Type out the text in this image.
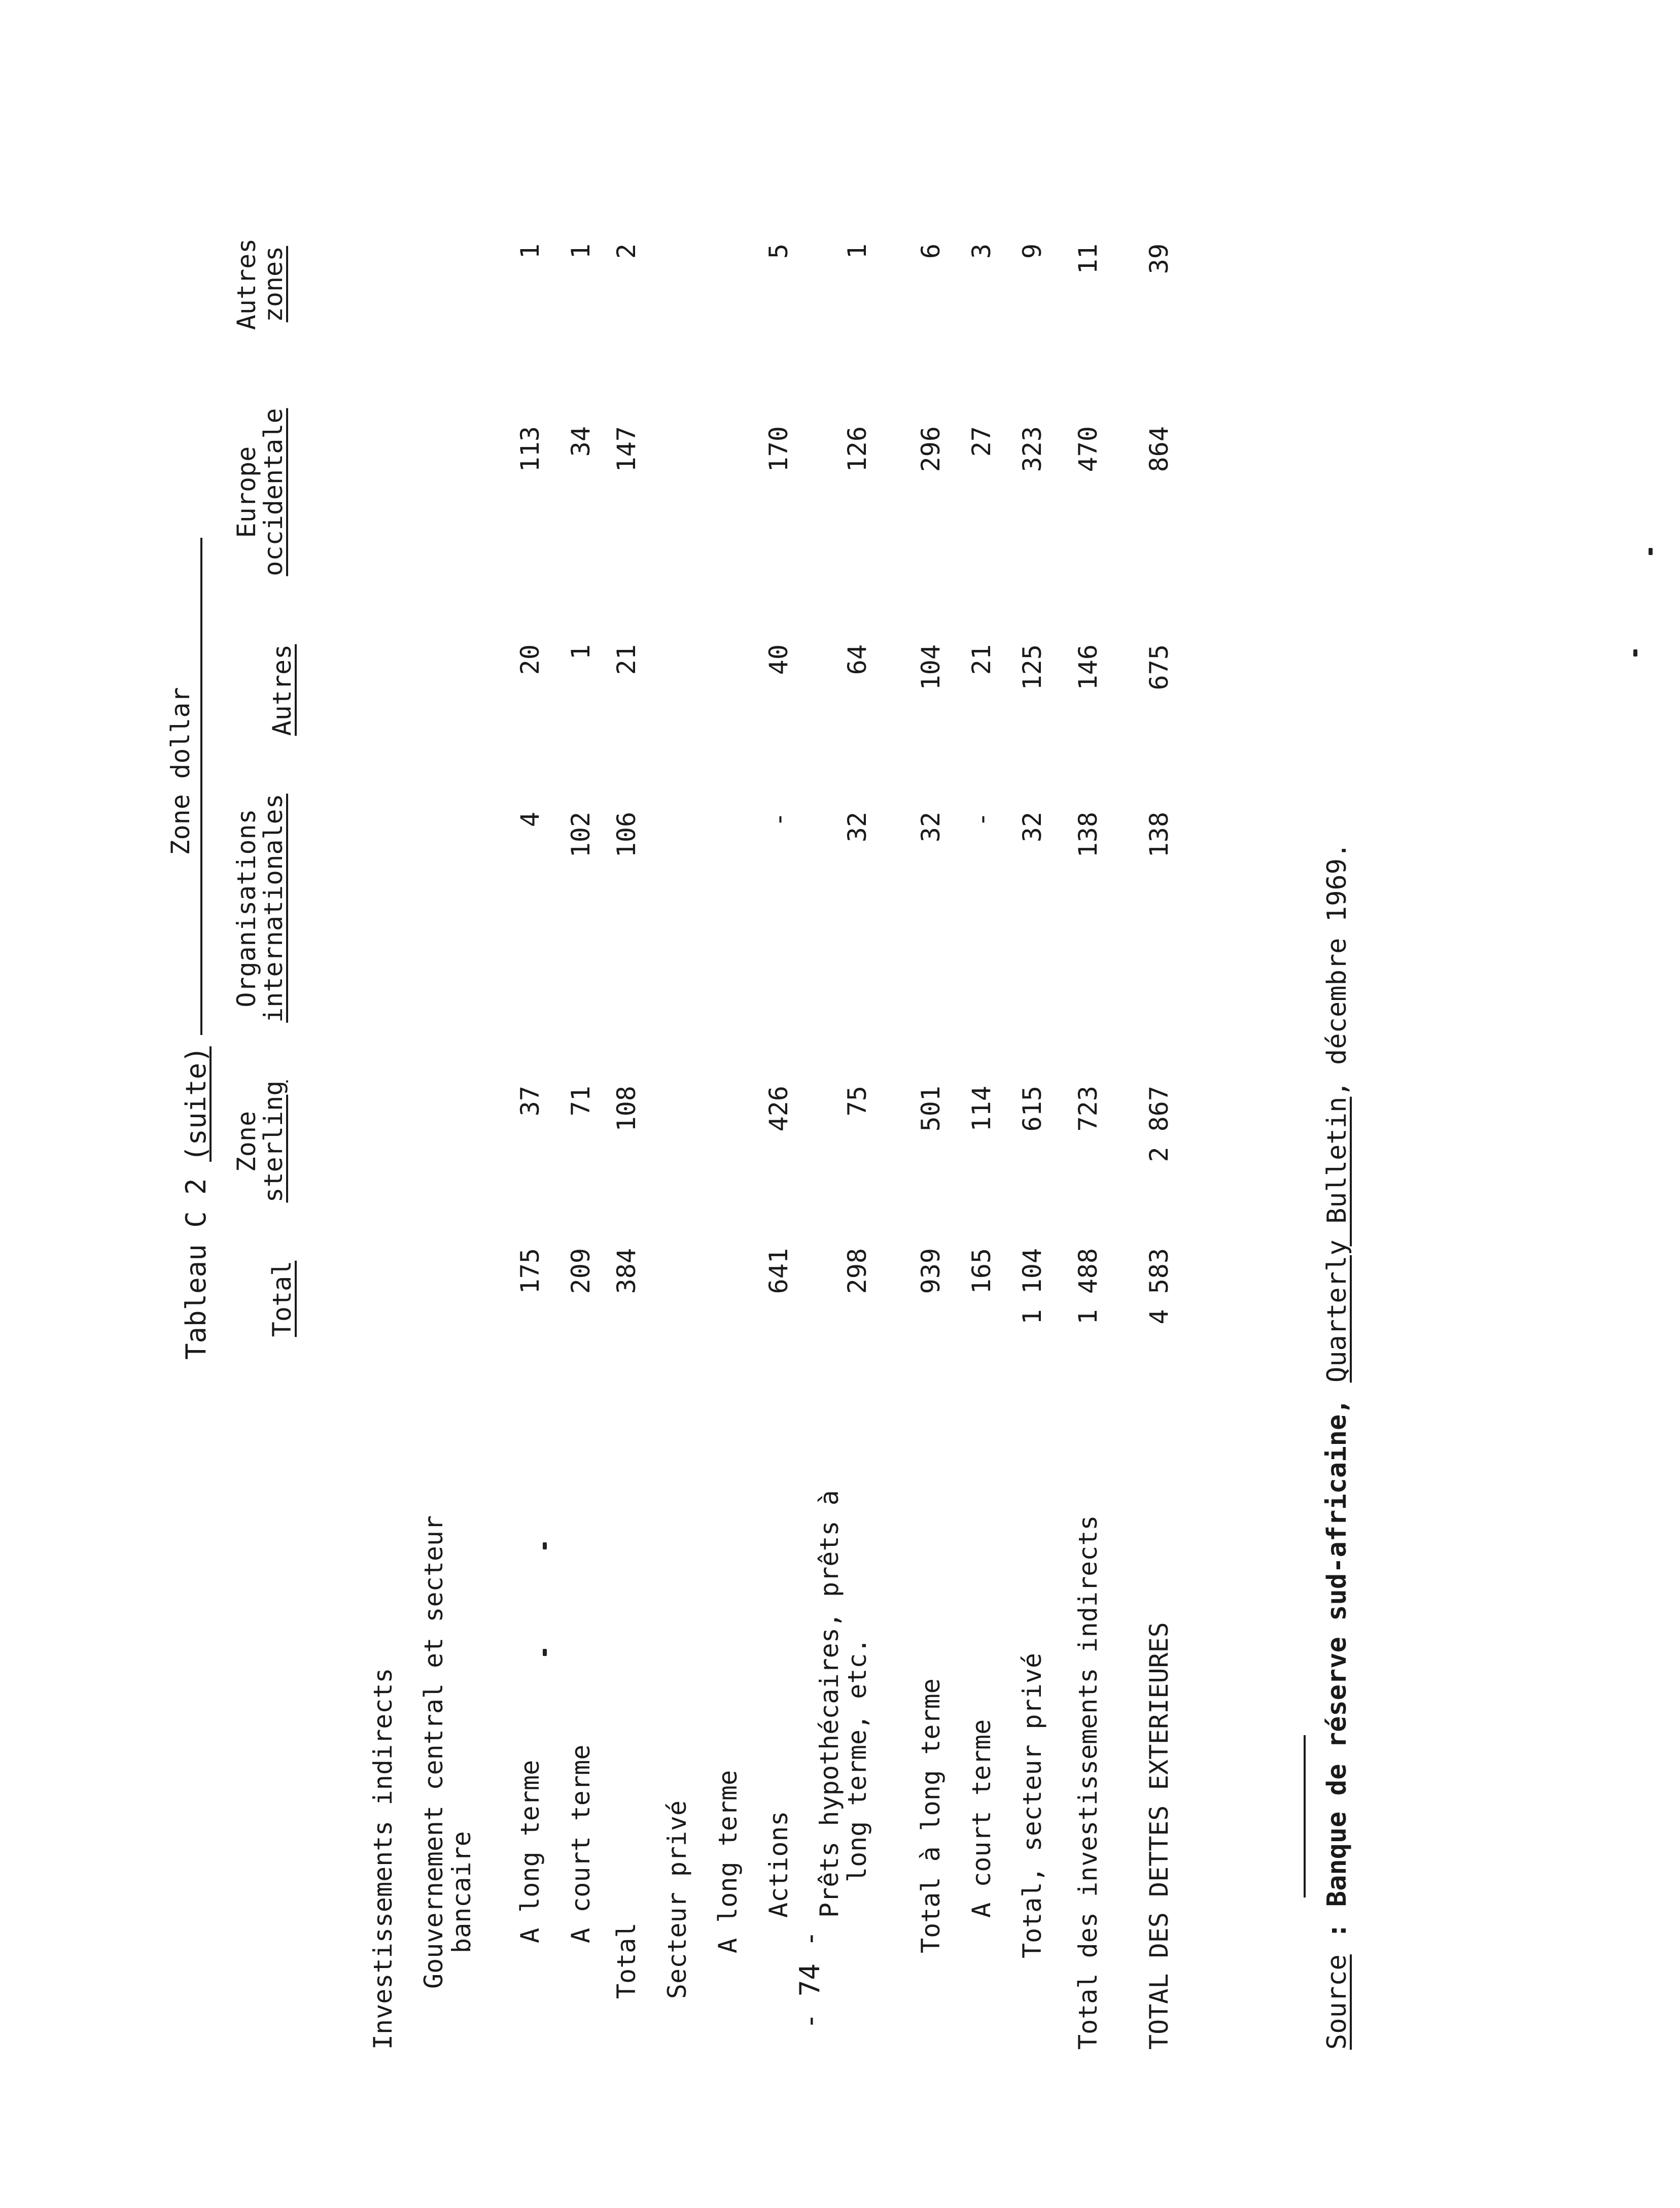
Tableau C 2 (suite)
Total
Zone
sterling
Zone dollar
Organisations
internationales
Autres
Europe
occidentale
Autres
zones
Investissements indirects Gouvernement central et secteur
bancaire A long terme
175
37
4
20
113
1
A court terme
209
71
102
1
34
1
Total
384
108
106
21
147
2
Secteur privé A long terme Actions
641
426
-
40
170
5
Prêts hypothécaires, prêts à
long terme, etc.
298
75
32
64
126
1
Total à long terme
939
501
32
104
296
6
A court terme
165
114
-
21
27
3
Total, secteur privé
1 104
615
32
125
323
9
Total des investissements indirects
1 488
723
138
146
470
11
TOTAL DES DETTES EXTERIEURES
4 583
2 867
138
675
864
39
- 74 -	Source : Banque de réserve sud-africaine, Quarterly Bulletin, décembre 1969.
